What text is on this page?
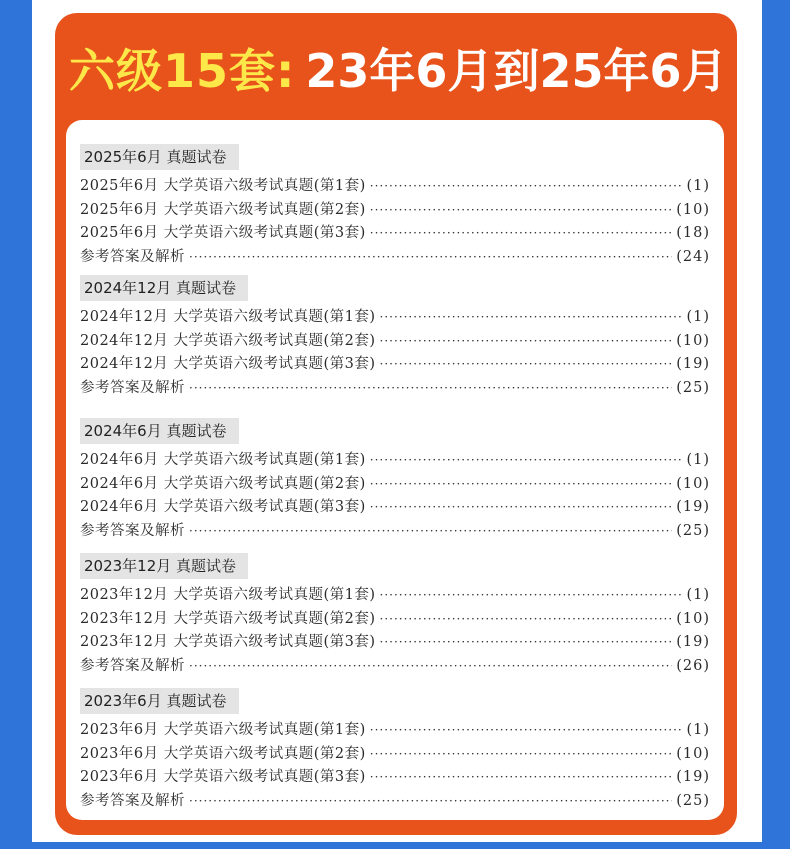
六级15套: 23年6月到25年6月
2025年6月 真题试卷
2025年6月 大学英语六级考试真题(第1套) ·····	(1)
2025年6月 大学英语六级考试真题(第2套) ·····	(10)
2025年6月 大学英语六级考试真题(第3套) ·····	(18)
参考答案及解析 ·····	(24)
2024年12月 真题试卷
2024年12月 大学英语六级考试真题(第1套) ·····	(1)
2024年12月 大学英语六级考试真题(第2套) ·····	(10)
2024年12月 大学英语六级考试真题(第3套) ·····	(19)
参考答案及解析 ·····	(25)
2024年6月 真题试卷
2024年6月 大学英语六级考试真题(第1套) ·····	(1)
2024年6月 大学英语六级考试真题(第2套) ·····	(10)
2024年6月 大学英语六级考试真题(第3套) ·····	(19)
参考答案及解析 ·····	(25)
2023年12月 真题试卷
2023年12月 大学英语六级考试真题(第1套) ·····	(1)
2023年12月 大学英语六级考试真题(第2套) ·····	(10)
2023年12月 大学英语六级考试真题(第3套) ·····	(19)
参考答案及解析 ·····	(26)
2023年6月 真题试卷
2023年6月 大学英语六级考试真题(第1套) ·····	(1)
2023年6月 大学英语六级考试真题(第2套) ·····	(10)
2023年6月 大学英语六级考试真题(第3套) ·····	(19)
参考答案及解析 ·····	(25)
